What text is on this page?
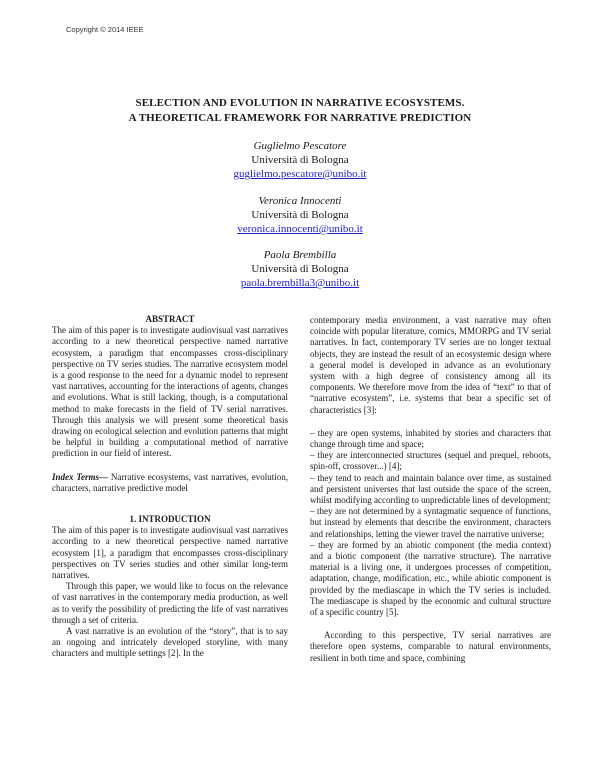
Copyright © 2014 IEEE
SELECTION AND EVOLUTION IN NARRATIVE ECOSYSTEMS.
A THEORETICAL FRAMEWORK FOR NARRATIVE PREDICTION
Guglielmo Pescatore
Università di Bologna
guglielmo.pescatore@unibo.it
Veronica Innocenti
Università di Bologna
veronica.innocenti@unibo.it
Paola Brembilla
Università di Bologna
paola.brembilla3@unibo.it

ABSTRACT

The aim of this paper is to investigate audiovisual vast narratives according to a new theoretical perspective named narrative ecosystem, a paradigm that encompasses cross-disciplinary perspective on TV series studies. The narrative ecosystem model is a good response to the need for a dynamic model to represent vast narratives, accounting for the interactions of agents, changes and evolutions. What is still lacking, though, is a computational method to make forecasts in the field of TV serial narratives. Through this analysis we will present some theoretical basis drawing on ecological selection and evolution patterns that might be helpful in building a computational method of narrative prediction in our field of interest.

Index Terms— Narrative ecosystems, vast narratives, evolution, characters, narrative predictive model

1. INTRODUCTION

The aim of this paper is to investigate audiovisual vast narratives according to a new theoretical perspective named narrative ecosystem [1], a paradigm that encompasses cross-disciplinary perspectives on TV series studies and other similar long-term narratives.

Through this paper, we would like to focus on the relevance of vast narratives in the contemporary media production, as well as to verify the possibility of predicting the life of vast narratives through a set of criteria.

A vast narrative is an evolution of the “story”, that is to say an ongoing and intricately developed storyline, with many characters and multiple settings [2]. In the

contemporary media environment, a vast narrative may often coincide with popular literature, comics, MMORPG and TV serial narratives. In fact, contemporary TV series are no longer textual objects, they are instead the result of an ecosystemic design where a general model is developed in advance as an evolutionary system with a high degree of consistency among all its components. We therefore move from the idea of “text” to that of “narrative ecosystem”, i.e. systems that bear a specific set of characteristics [3]:

– they are open systems, inhabited by stories and characters that change through time and space;

– they are interconnected structures (sequel and prequel, reboots, spin-off, crossover...) [4];

– they tend to reach and maintain balance over time, as sustained and persistent universes that last outside the space of the screen, whilst modifying according to unpredictable lines of development;

– they are not determined by a syntagmatic sequence of functions, but instead by elements that describe the environment, characters and relationships, letting the viewer travel the narrative universe;

– they are formed by an abiotic component (the media context) and a biotic component (the narrative structure). The narrative material is a living one, it undergoes processes of competition, adaptation, change, modification, etc., while abiotic component is provided by the mediascape in which the TV series is included. The mediascape is shaped by the economic and cultural structure of a specific country [5].

According to this perspective, TV serial narratives are therefore open systems, comparable to natural environments, resilient in both time and space, combining
